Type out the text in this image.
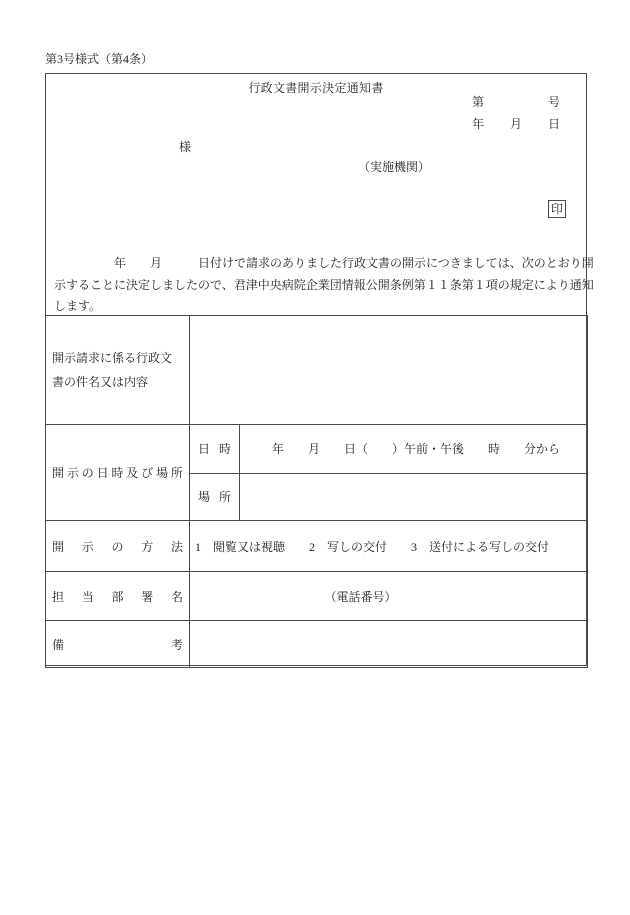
第3号様式（第4条）
行政文書開示決定通知書
第	号
年 月 日
様
（実施機関）
印
　　　　　年　　月　　　日付けで請求のありました行政文書の開示につきましては、次のとおり開
示することに決定しましたので、君津中央病院企業団情報公開条例第１１条第１項の規定により通知
します。
開示請求に係る行政文書の件名又は内容		

開 示 の 日 時 及 び 場 所

日 時	年　　月　　日（　　）午前・午後　　時　　分から

	場 所	

開 示 の 方 法	1　閲覧又は視聴　　2　写しの交付　　3　送付による写しの交付	

担 当 部 署 名	（電話番号）	

備 考		
